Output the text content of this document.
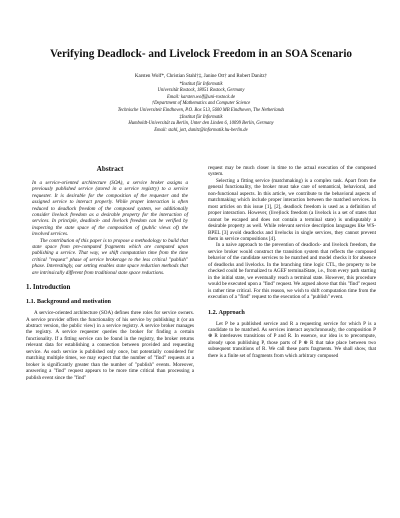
Verifying Deadlock- and Livelock Freedom in an SOA Scenario
Karsten Wolf*, Christian Stahl†‡, Janine Ott† and Robert Danitz†
*Institut für Informatik
Universität Rostock, 18051 Rostock, Germany
Email: karsten.wolf@uni-rostock.de
†Department of Mathematics and Computer Science
Technische Universiteit Eindhoven, P.O. Box 513, 5600 MB Eindhoven, The Netherlands
‡Institut für Informatik
Humboldt-Universität zu Berlin, Unter den Linden 6, 10099 Berlin, Germany
Email: stahl, jott, danitz@informatik.hu-berlin.de
Abstract

In a service-oriented architecture (SOA), a service broker assigns a previously published service (stored in a service registry) to a service requester. It is desirable for the composition of the requester and the assigned service to interact properly. While proper interaction is often reduced to deadlock freedom of the composed system, we additionally consider livelock freedom as a desirable property for the interaction of services. In principle, deadlock- and livelock freedom can be verified by inspecting the state space of the composition of (public views of) the involved services.

The contribution of this paper is to propose a methodology to build that state space from pre-computed fragments which are computed upon publishing a service. That way, we shift computation time from the time critical "request" phase of service brokerage to the less critical "publish" phase. Interestingly, our setting enables state space reduction methods that are intrinsically different from traditional state space reductions.

1. Introduction
1.1. Background and motivation

A service-oriented architecture (SOA) defines three roles for service owners. A service provider offers the functionality of his service by publishing it (or an abstract version, the public view) in a service registry. A service broker manages the registry. A service requester queries the broker for finding a certain functionality. If a fitting service can be found in the registry, the broker returns relevant data for establishing a connection between provided and requesting service. As each service is published only once, but potentially considered for matching multiple times, we may expect that the number of "find" requests at a broker is significantly greater than the number of "publish" events. Moreover, answering a "find" request appears to be more time critical than processing a publish event since the "find"

request may be much closer in time to the actual execution of the composed system.

Selecting a fitting service (matchmaking) is a complex task. Apart from the general functionality, the broker must take care of semantical, behavioral, and non-functional aspects. In this article, we contribute to the behavioral aspects of matchmaking which include proper interaction between the matched services. In most articles on this issue [1], [2], deadlock freedom is used as a definition of proper interaction. However, (live)lock freedom (a livelock is a set of states that cannot be escaped and does not contain a terminal state) is undisputably a desirable property as well. While relevant service description languages like WS-BPEL [3] avoid deadlocks and livelocks in single services, they cannot prevent them in service compositions [4].

In a naive approach to the prevention of deadlock- and livelock freedom, the service broker would construct the transition system that reflects the composed behavior of the candidate services to be matched and model checks it for absence of deadlocks and livelocks. In the branching time logic CTL, the property to be checked could be formalized to AGEF terminalState, i.e., from every path starting in the initial state, we eventually reach a terminal state. However, this procedure would be executed upon a "find" request. We argued above that this "find" request is rather time critical. For this reason, we wish to shift computation time from the execution of a "find" request to the execution of a "publish" event.

1.2. Approach

Let P be a published service and R a requesting service for which P is a candidate to be matched. As services interact asynchronously, the composition P ⊕ R interleaves transitions of P and R. In essence, our idea is to precompute, already upon publishing P, those parts of P ⊕ R that take place between two subsequent transitions of R. We call these parts fragments. We shall show, that there is a finite set of fragments from which arbitrary composed
